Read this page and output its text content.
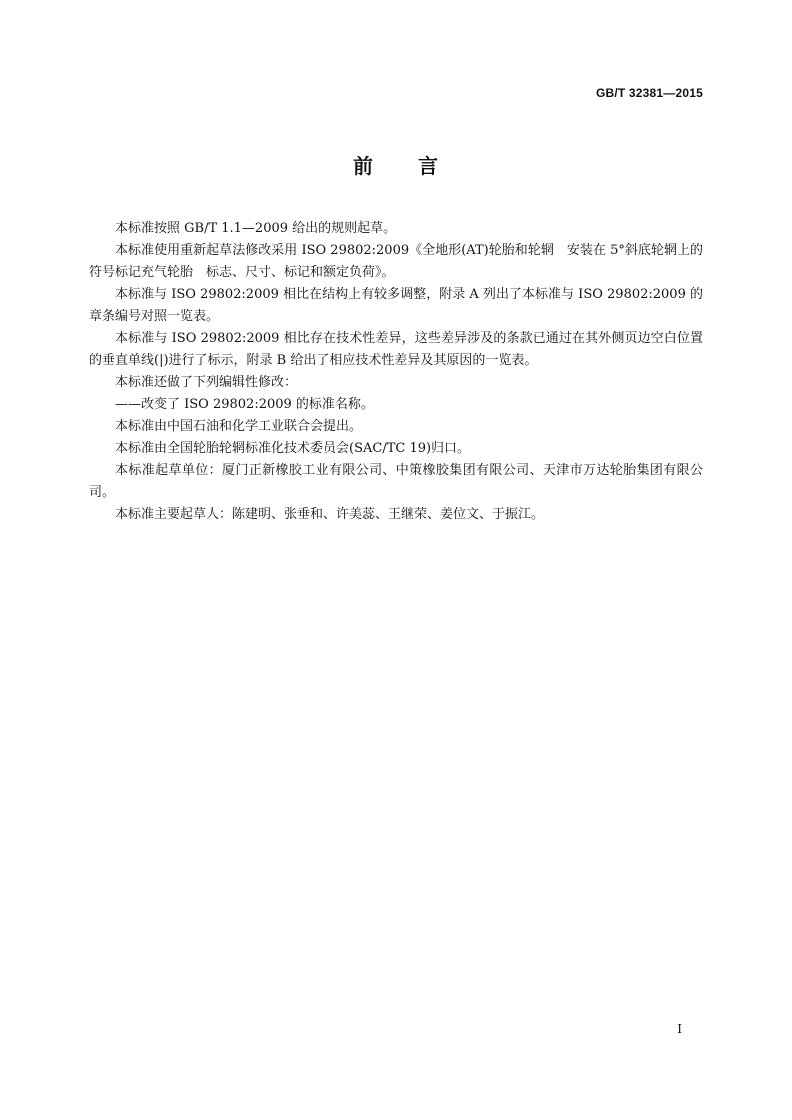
GB/T 32381—2015
前 言

本标准按照 GB/T 1.1—2009 给出的规则起草。

本标准使用重新起草法修改采用 ISO 29802:2009《全地形(AT)轮胎和轮辋　安装在 5°斜底轮辋上的符号标记充气轮胎　标志、尺寸、标记和额定负荷》。

本标准与 ISO 29802:2009 相比在结构上有较多调整，附录 A 列出了本标准与 ISO 29802:2009 的章条编号对照一览表。

本标准与 ISO 29802:2009 相比存在技术性差异，这些差异涉及的条款已通过在其外侧页边空白位置的垂直单线(|)进行了标示，附录 B 给出了相应技术性差异及其原因的一览表。

本标准还做了下列编辑性修改：

——改变了 ISO 29802:2009 的标准名称。

本标准由中国石油和化学工业联合会提出。

本标准由全国轮胎轮辋标准化技术委员会(SAC/TC 19)归口。

本标准起草单位：厦门正新橡胶工业有限公司、中策橡胶集团有限公司、天津市万达轮胎集团有限公司。

本标准主要起草人：陈建明、张垂和、许美蕊、王继荣、姜位文、于振江。

I
